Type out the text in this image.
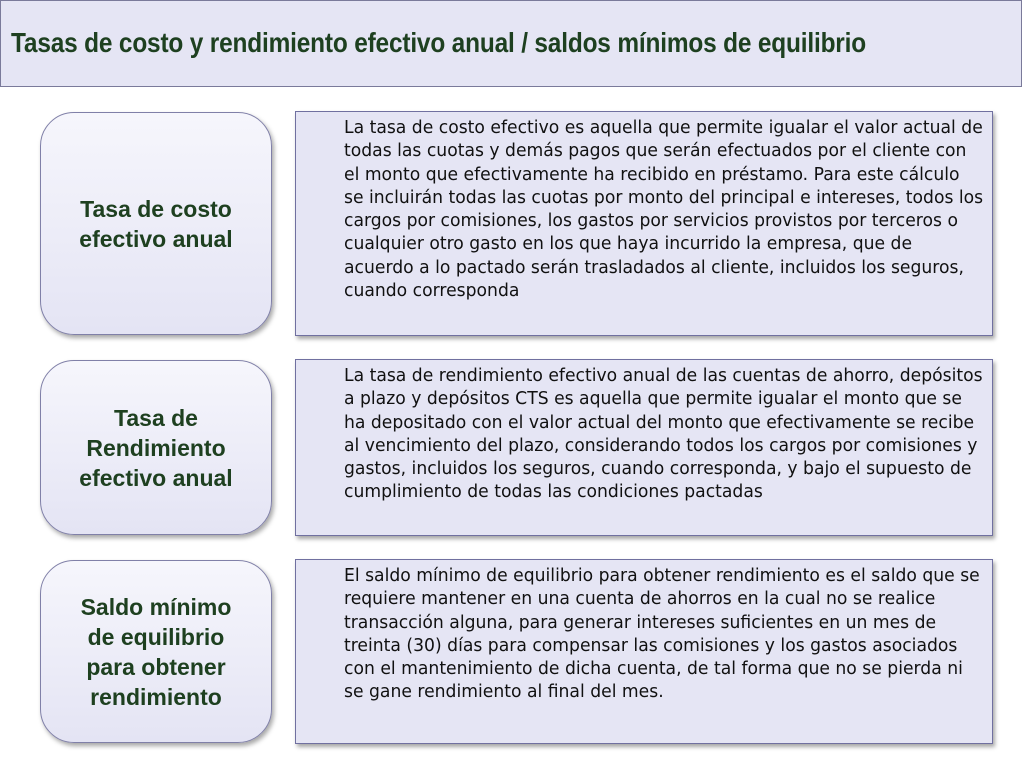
Tasas de costo y rendimiento efectivo anual / saldos mínimos de equilibrio
Tasa de costo
efectivo anual

La tasa de costo efectivo es aquella que permite igualar el valor actual de todas las cuotas y demás pagos que serán efectuados por el cliente con el monto que efectivamente ha recibido en préstamo. Para este cálculo se incluirán todas las cuotas por monto del principal e intereses, todos los cargos por comisiones, los gastos por servicios provistos por terceros o cualquier otro gasto en los que haya incurrido la empresa, que de acuerdo a lo pactado serán trasladados al cliente, incluidos los seguros, cuando corresponda

Tasa de
Rendimiento
efectivo anual

La tasa de rendimiento efectivo anual de las cuentas de ahorro, depósitos a plazo y depósitos CTS es aquella que permite igualar el monto que se ha depositado con el valor actual del monto que efectivamente se recibe al vencimiento del plazo, considerando todos los cargos por comisiones y gastos, incluidos los seguros, cuando corresponda, y bajo el supuesto de cumplimiento de todas las condiciones pactadas

Saldo mínimo
de equilibrio
para obtener
rendimiento

El saldo mínimo de equilibrio para obtener rendimiento es el saldo que se requiere mantener en una cuenta de ahorros en la cual no se realice transacción alguna, para generar intereses suficientes en un mes de treinta (30) días para compensar las comisiones y los gastos asociados con el mantenimiento de dicha cuenta, de tal forma que no se pierda ni se gane rendimiento al final del mes.
